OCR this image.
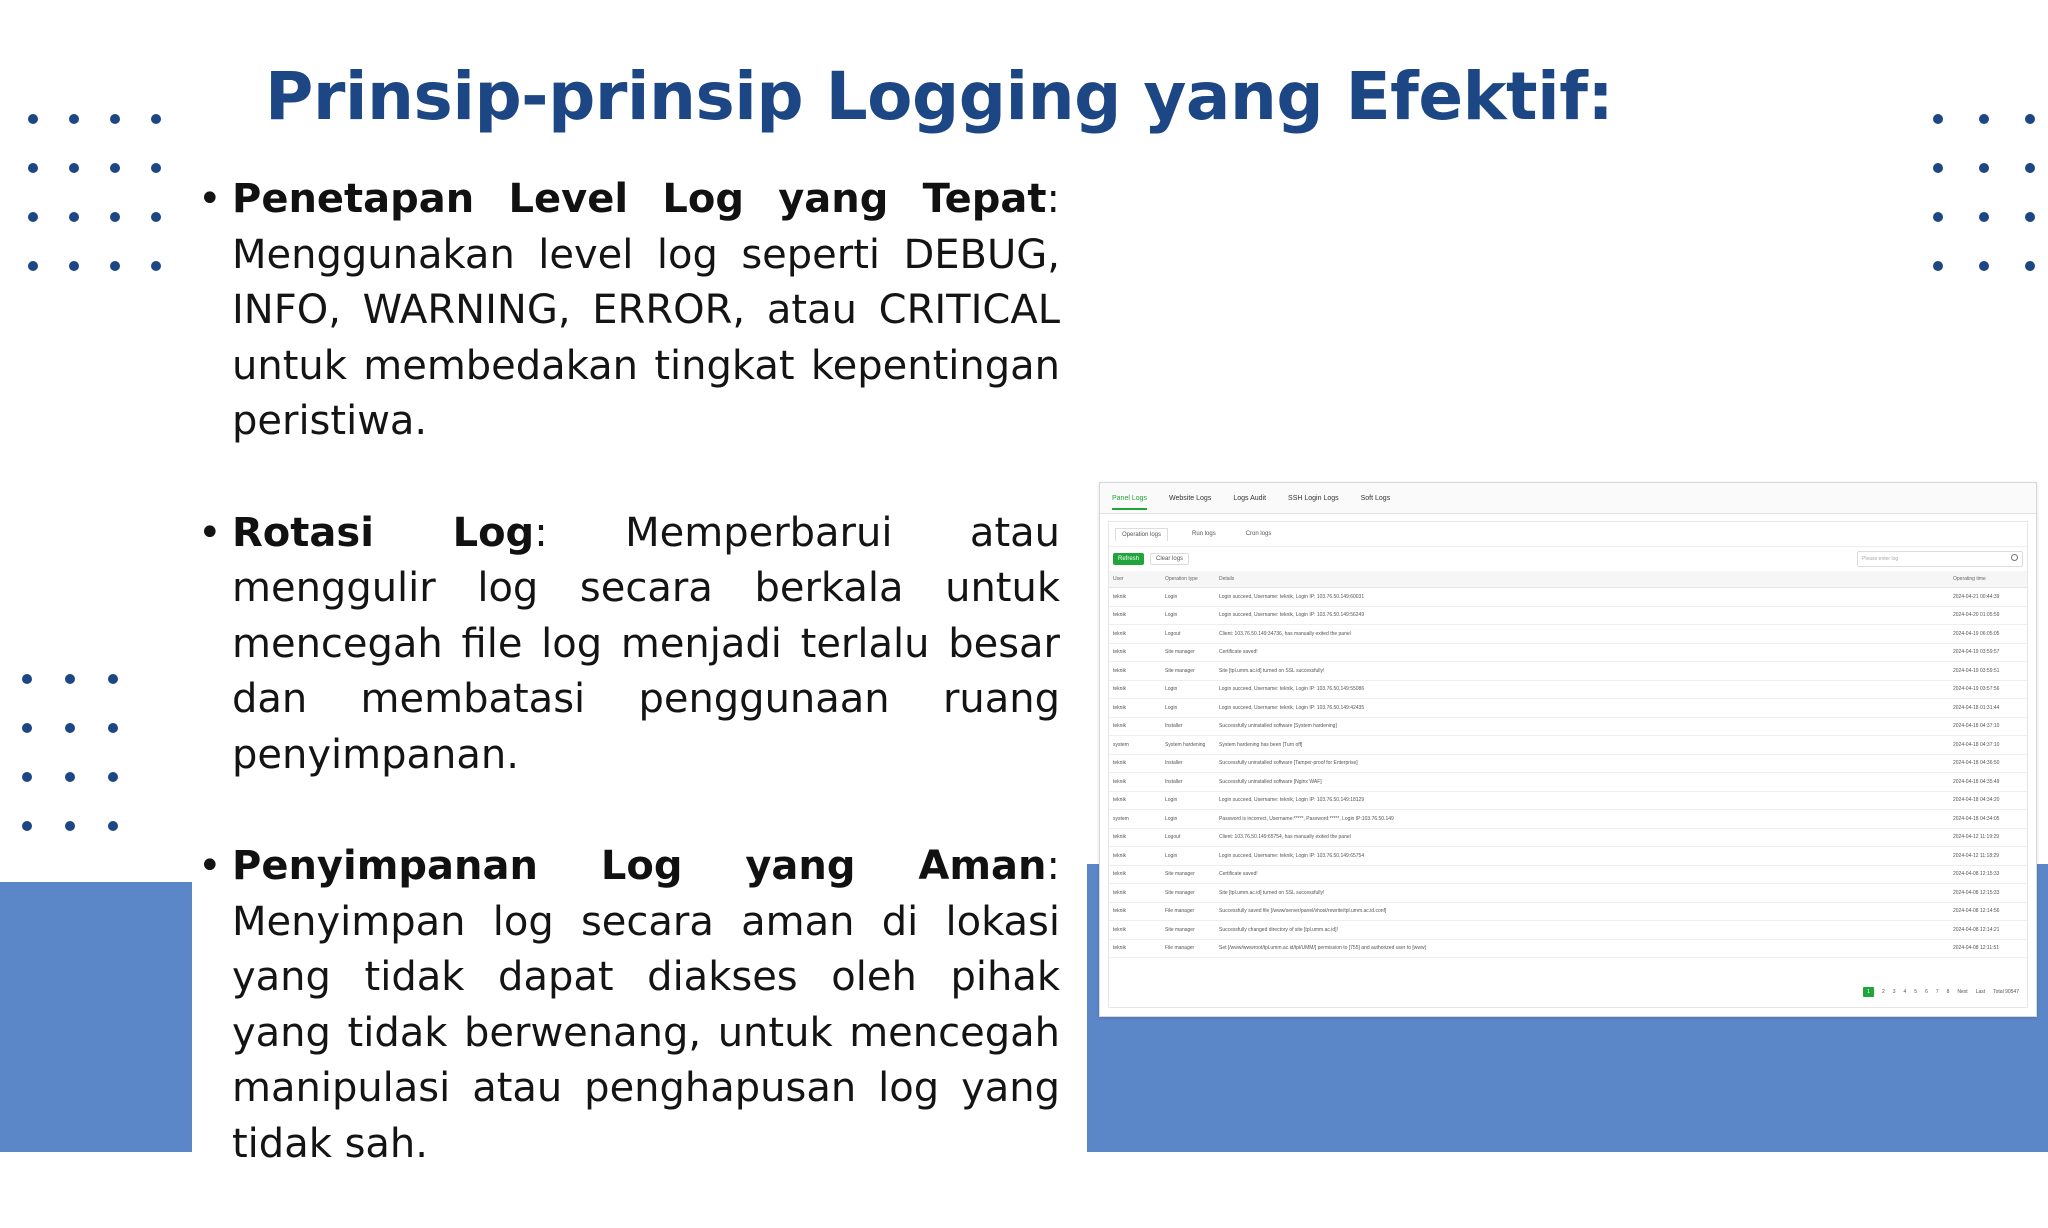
Prinsip-prinsip Logging yang Efektif:

• Penetapan Level Log yang Tepat: Menggunakan level log seperti DEBUG, INFO, WARNING, ERROR, atau CRITICAL untuk membedakan tingkat kepentingan peristiwa.

• Rotasi Log: Memperbarui atau menggulir log secara berkala untuk mencegah file log menjadi terlalu besar dan membatasi penggunaan ruang penyimpanan.

• Penyimpanan Log yang Aman: Menyimpan log secara aman di lokasi yang tidak dapat diakses oleh pihak yang tidak berwenang, untuk mencegah manipulasi atau penghapusan log yang tidak sah.

Panel Logs	Website Logs	Logs Audit	SSH Login Logs	Soft Logs
Operation logs	Run logs	Cron logs
Refresh	Clear logs	Please enter log
User	Operation type	Details	Operating time
teknik	Login	Login succeed, Username: teknik, Login IP: 103.76.50.149:60031	2024-04-21 00:44:39
teknik	Login	Login succeed, Username: teknik, Login IP: 103.76.50.149:56249	2024-04-20 01:05:59
teknik	Logout	Client: 103.76.50.149:34736, has manually exited the panel	2024-04-19 06:05:05
teknik	Site manager	Certificate saved!	2024-04-19 03:59:57
teknik	Site manager	Site [tpl.umm.ac.id] turned on SSL successfully!	2024-04-19 03:59:51
teknik	Login	Login succeed, Username: teknik, Login IP: 103.76.50.149:55086	2024-04-19 03:57:56
teknik	Login	Login succeed, Username: teknik, Login IP: 103.76.50.149:42435	2024-04-18 01:31:44
teknik	Installer	Successfully uninstalled software [System hardening]	2024-04-18 04:37:10
system	System hardening	System hardening has been [Turn off]	2024-04-18 04:37:10
teknik	Installer	Successfully uninstalled software [Tamper-proof for Enterprise]	2024-04-18 04:36:50
teknik	Installer	Successfully uninstalled software [Nginx WAF]	2024-04-18 04:35:49
teknik	Login	Login succeed, Username: teknik, Login IP: 103.76.50.149:18129	2024-04-18 04:34:20
system	Login	Password is incorrect, Username:*****, Password:*****, Login IP:103.76.50.149	2024-04-18 04:34:05
teknik	Logout	Client: 103.76.50.149:65754, has manually exited the panel	2024-04-12 11:19:29
teknik	Login	Login succeed, Username: teknik, Login IP: 103.76.50.149:65754	2024-04-12 11:18:29
teknik	Site manager	Certificate saved!	2024-04-08 12:15:33
teknik	Site manager	Site [tpl.umm.ac.id] turned on SSL successfully!	2024-04-08 12:15:33
teknik	File manager	Successfully saved file [/www/server/panel/vhost/rewrite/tpl.umm.ac.id.conf]	2024-04-08 12:14:56
teknik	Site manager	Successfully changed directory of site [tpl.umm.ac.id]!	2024-04-08 12:14:21
teknik	File manager	Set [/www/wwwroot/tpl.umm.ac.id/tpl/UMM/] permission to [755] and authorized user to [www]	2024-04-08 12:11:51
1	2 3 4 5 6 7 8 Next Last Total 90547
